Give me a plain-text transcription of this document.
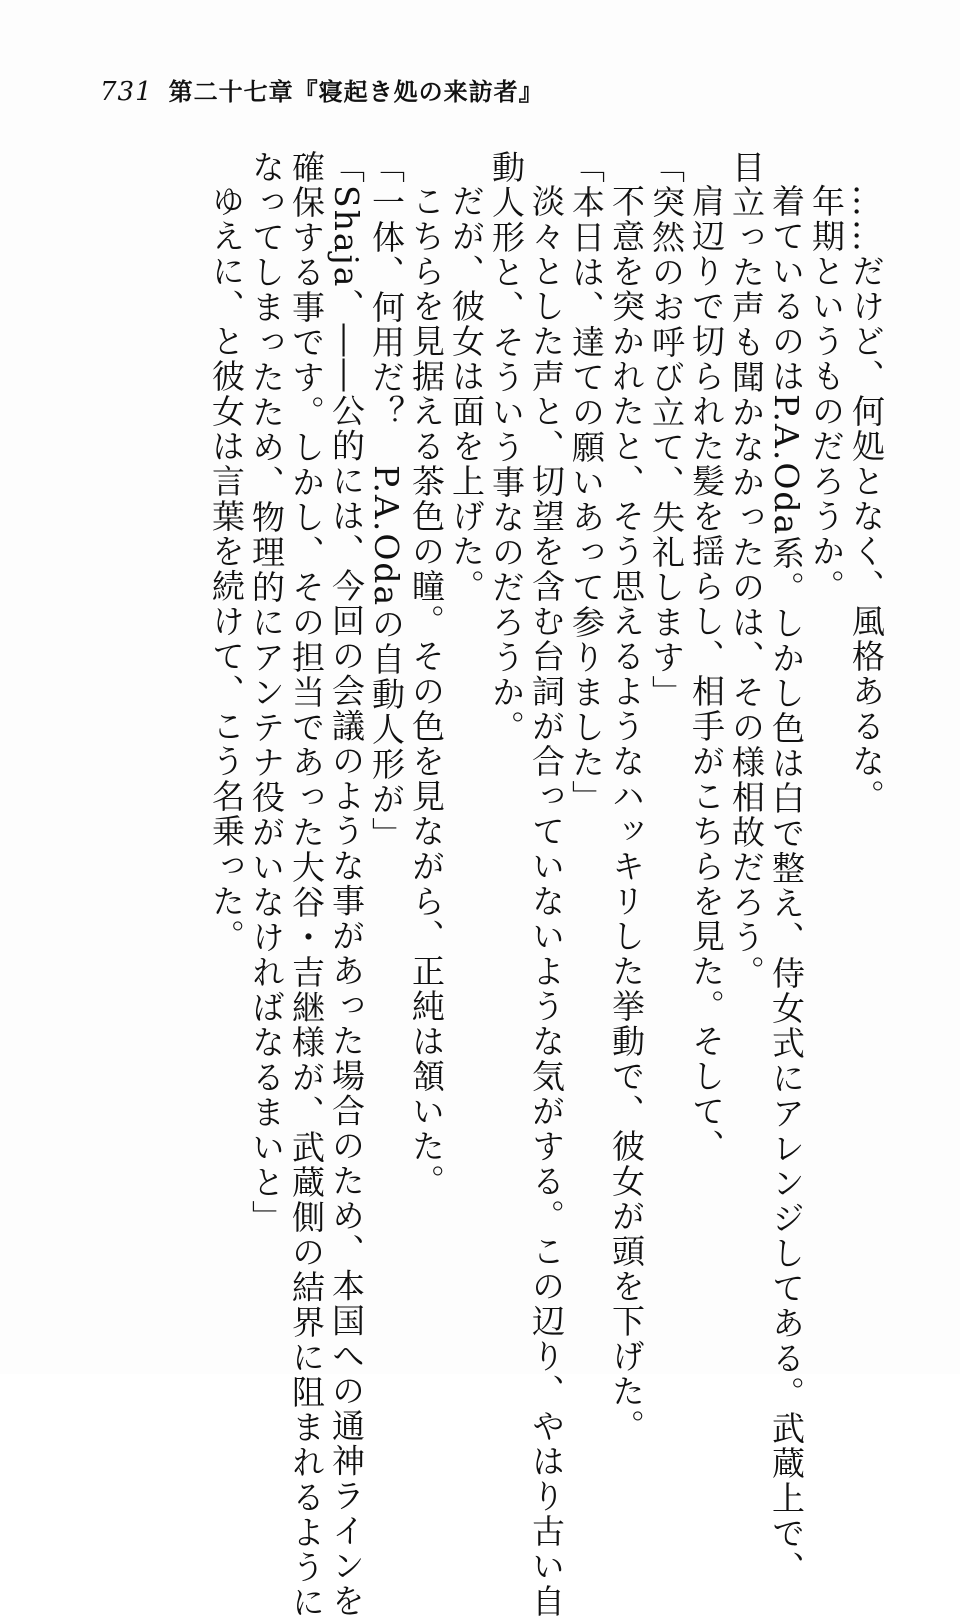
731 第二十七章『寝起き処の来訪者』
……だけど、何処となく、風格あるな。
年期というものだろうか。
着ているのはP.A.Oda系。しかし色は白で整え、侍女式にアレンジしてある。武蔵上で、
目立った声も聞かなかったのは、その様相故だろう。
肩辺りで切られた髪を揺らし、相手がこちらを見た。そして、
「突然のお呼び立て、失礼します」
不意を突かれたと、そう思えるようなハッキリした挙動で、彼女が頭を下げた。
「本日は、達ての願いあって参りました」
淡々とした声と、切望を含む台詞が合っていないような気がする。この辺り、やはり古い自
動人形と、そういう事なのだろうか。
だが、彼女は面を上げた。
こちらを見据える茶色の瞳。その色を見ながら、正純は頷いた。
「一体、何用だ？　P.A.Odaの自動人形が」
「Shaja、――公的には、今回の会議のような事があった場合のため、本国への通神ラインを
確保する事です。しかし、その担当であった大谷・吉継様が、武蔵側の結界に阻まれるように
なってしまったため、物理的にアンテナ役がいなければなるまいと」
ゆえに、と彼女は言葉を続けて、こう名乗った。
